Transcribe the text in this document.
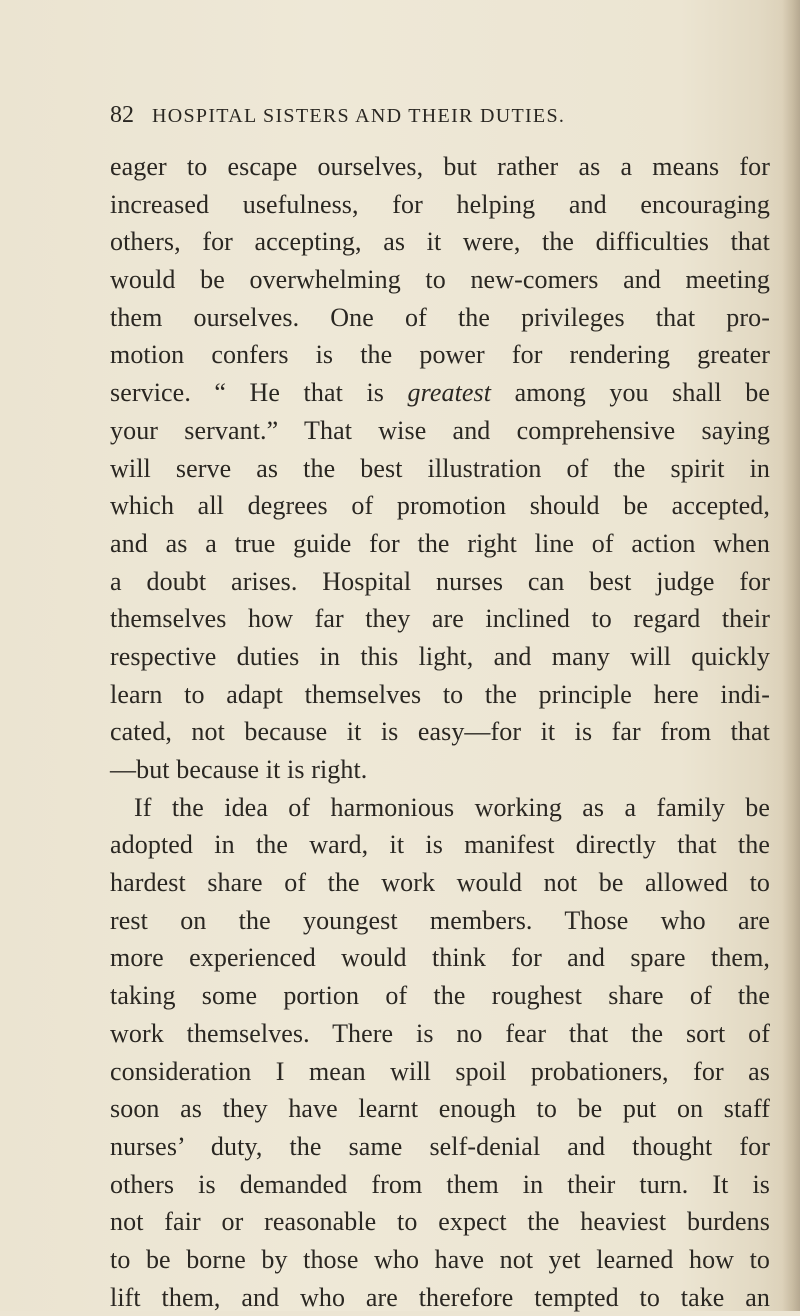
82 HOSPITAL SISTERS AND THEIR DUTIES.
eager to escape ourselves, but rather as a means for
increased usefulness, for helping and encouraging
others, for accepting, as it were, the difficulties that
would be overwhelming to new-comers and meeting
them ourselves. One of the privileges that pro-
motion confers is the power for rendering greater
service. “ He that is greatest among you shall be
your servant.” That wise and comprehensive saying
will serve as the best illustration of the spirit in
which all degrees of promotion should be accepted,
and as a true guide for the right line of action when
a doubt arises. Hospital nurses can best judge for
themselves how far they are inclined to regard their
respective duties in this light, and many will quickly
learn to adapt themselves to the principle here indi-
cated, not because it is easy—for it is far from that
—but because it is right.
If the idea of harmonious working as a family be
adopted in the ward, it is manifest directly that the
hardest share of the work would not be allowed to
rest on the youngest members. Those who are
more experienced would think for and spare them,
taking some portion of the roughest share of the
work themselves. There is no fear that the sort of
consideration I mean will spoil probationers, for as
soon as they have learnt enough to be put on staff
nurses’ duty, the same self-denial and thought for
others is demanded from them in their turn. It is
not fair or reasonable to expect the heaviest burdens
to be borne by those who have not yet learned how to
lift them, and who are therefore tempted to take an
